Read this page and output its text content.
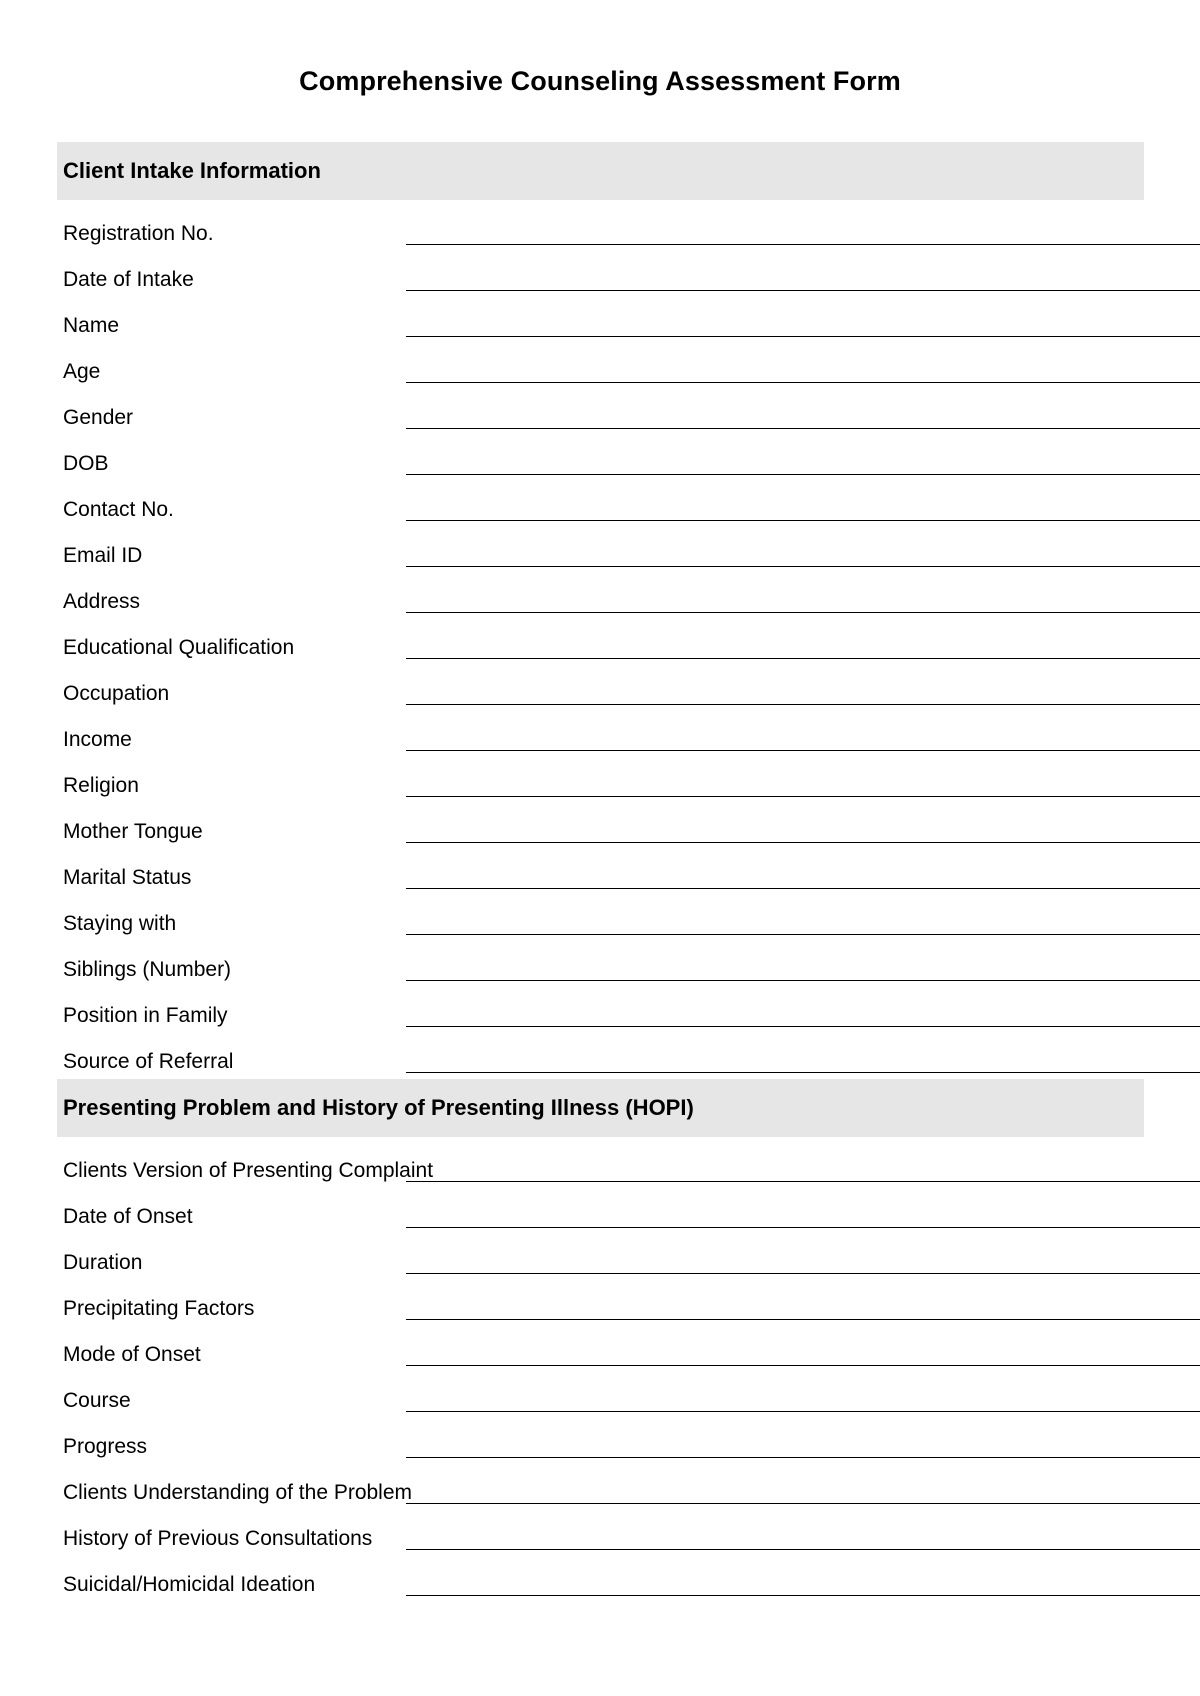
Comprehensive Counseling Assessment Form
Client Intake Information
Registration No.
Date of Intake
Name
Age
Gender
DOB
Contact No.
Email ID
Address
Educational Qualification
Occupation
Income
Religion
Mother Tongue
Marital Status
Staying with
Siblings (Number)
Position in Family
Source of Referral
Presenting Problem and History of Presenting Illness (HOPI)
Clients Version of Presenting Complaint
Date of Onset
Duration
Precipitating Factors
Mode of Onset
Course
Progress
Clients Understanding of the Problem
History of Previous Consultations
Suicidal/Homicidal Ideation
